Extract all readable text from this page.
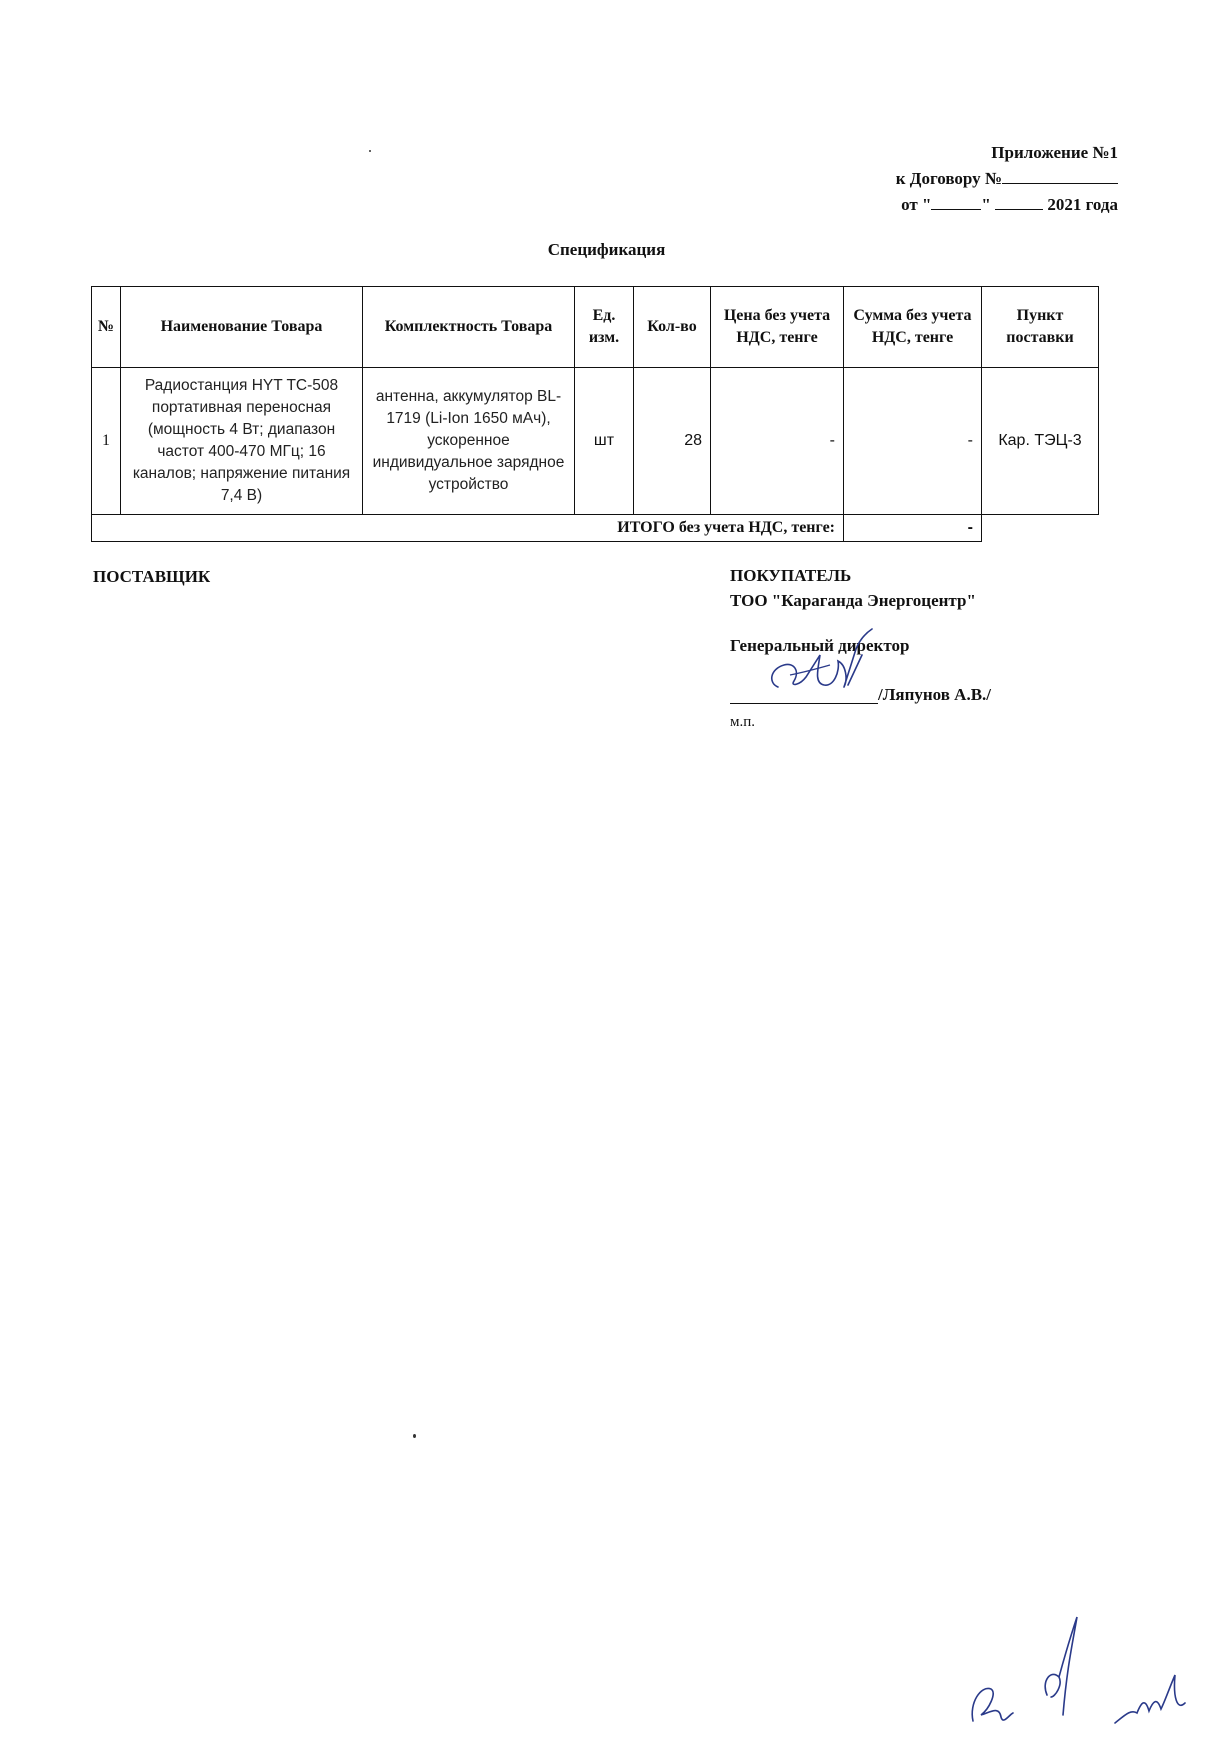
Приложение №1
к Договору №
от "	"	2021 года
Спецификация
№	Наименование Товара	Комплектность Товара	Ед. изм.	Кол-во	Цена без учета НДС, тенге	Сумма без учета НДС, тенге	Пункт поставки
1	Радиостанция HYT TC-508 портативная переносная (мощность 4 Вт; диапазон частот 400-470 МГц; 16 каналов; напряжение питания 7,4 В)	антенна, аккумулятор BL-1719 (Li-Ion 1650 мАч), ускоренное индивидуальное зарядное устройство	шт	28	-	-	Кар. ТЭЦ-3
ИТОГО без учета НДС, тенге:						-	
ПОСТАВЩИК	ПОКУПАТЕЛЬ
ТОО "Караганда Энергоцентр"
Генеральный директор
/Ляпунов А.В./
м.п.
